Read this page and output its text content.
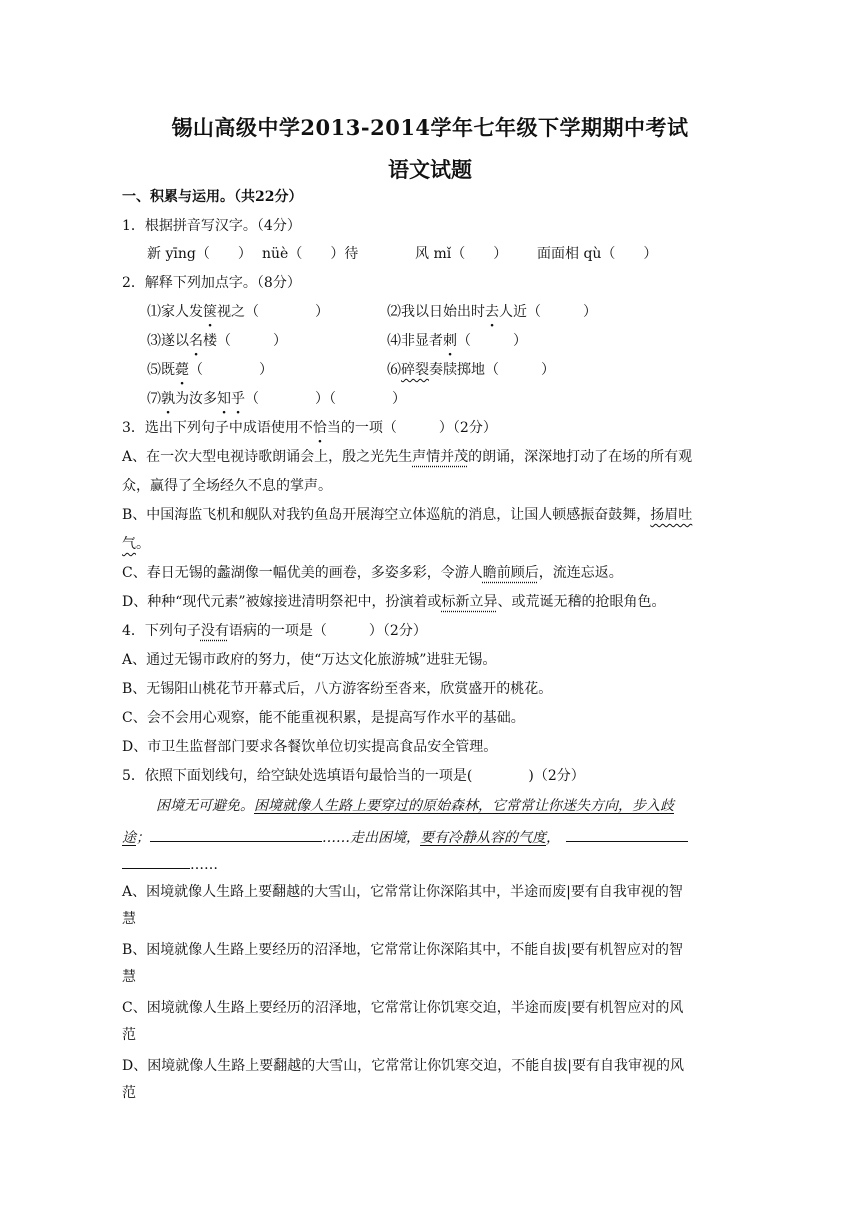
锡山高级中学2013-2014学年七年级下学期期中考试
语文试题
一、积累与运用。（共22分）
1．根据拼音写汉字。（4分）
新 yīng（　　） nüè（　　）待	风 mǐ（　　） 面面相 qù（　　）
2．解释下列加点字。（8分）
⑴家人发箧视之（　　　　）	⑵我以日始出时去人近（　　　）
⑶遂以名楼（　　　）	⑷非显者刺（　　　）
⑸既薨（　　　　）	⑹碎裂奏牍掷地（　　　）
⑺孰为汝多知乎（　　　　）（　　　　）
3．选出下列句子中成语使用不恰当的一项（　　　）（2分）
A、在一次大型电视诗歌朗诵会上，殷之光先生声情并茂的朗诵，深深地打动了在场的所有观
众，赢得了全场经久不息的掌声。
B、中国海监飞机和舰队对我钓鱼岛开展海空立体巡航的消息，让国人顿感振奋鼓舞，扬眉吐
气。
C、春日无锡的蠡湖像一幅优美的画卷，多姿多彩，令游人瞻前顾后，流连忘返。
D、种种“现代元素”被嫁接进清明祭祀中，扮演着或标新立异、或荒诞无稽的抢眼角色。
4．下列句子没有语病的一项是（　　　）（2分）
A、通过无锡市政府的努力，使“万达文化旅游城”进驻无锡。
B、无锡阳山桃花节开幕式后，八方游客纷至沓来，欣赏盛开的桃花。
C、会不会用心观察，能不能重视积累，是提高写作水平的基础。
D、市卫生监督部门要求各餐饮单位切实提高食品安全管理。
5．依照下面划线句，给空缺处选填语句最恰当的一项是(　　　　)（2分）
困境无可避免。困境就像人生路上要穿过的原始森林，它常常让你迷失方向，步入歧
途；	……走出困境，要有冷静从容的气度，
……
A、困境就像人生路上要翻越的大雪山，它常常让你深陷其中，半途而废|要有自我审视的智
慧
B、困境就像人生路上要经历的沼泽地，它常常让你深陷其中，不能自拔|要有机智应对的智
慧
C、困境就像人生路上要经历的沼泽地，它常常让你饥寒交迫，半途而废|要有机智应对的风
范
D、困境就像人生路上要翻越的大雪山，它常常让你饥寒交迫，不能自拔|要有自我审视的风
范
